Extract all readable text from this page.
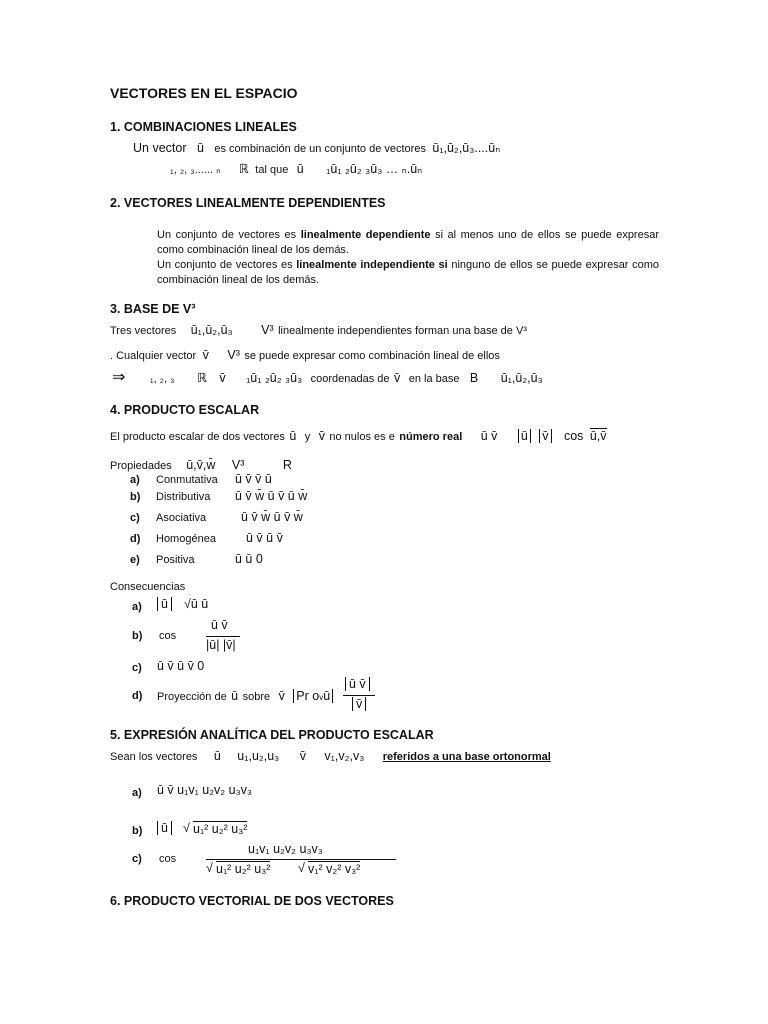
VECTORES EN EL ESPACIO
1. COMBINACIONES LINEALES
Un vector ū es combinación de un conjunto de vectores ū₁,ū₂,ū₃....ūₙ
₁, ₂, ₃...... ₙ ℝ tal que ū ₁ū₁ ₂ū₂ ₃ū₃ … ₙ.ūₙ
2. VECTORES LINEALMENTE DEPENDIENTES
Un conjunto de vectores es linealmente dependiente si al menos uno de ellos se puede expresar como combinación lineal de los demás.
Un conjunto de vectores es linealmente independiente si ninguno de ellos se puede expresar como combinación lineal de los demás.
3. BASE DE V³
Tres vectores ū₁,ū₂,ū₃ V³ linealmente independientes forman una base de V³
. Cualquier vector v̄ V³ se puede expresar como combinación lineal de ellos
⇒ ₁, ₂, ₃ ℝ v̄ ₁ū₁ ₂ū₂ ₃ū₃ coordenadas de v̄ en la base B ū₁,ū₂,ū₃
4. PRODUCTO ESCALAR
El producto escalar de dos vectores ū y v̄ no nulos es e número real ū v̄ ū v̄ cos ū,v̄
Propiedades ū,v̄,w̄ V³	R
a) Conmutativa ū v̄ v̄ ū
b) Distributiva ū v̄ w̄ ū v̄ ū w̄
c) Asociativa	ū v̄ w̄ ū v̄ w̄
d) Homogénea ū v̄ ū v̄
e) Positiva	ū ū 0
Consecuencias
a)	ū	√ū ū
b) cos
ū v̄
|ū| |v̄|
c) ū v̄ ū v̄ 0
d) Proyección de ū sobre v̄ Pr ovū
ū v̄
v̄
5. EXPRESIÓN ANALÍTICA DEL PRODUCTO ESCALAR
Sean los vectores ū u₁,u₂,u₃ v̄ v₁,v₂,v₃ referidos a una base ortonormal
a) ū v̄ u₁v₁ u₂v₂ u₃v₃
b)	ū	√ u₁² u₂² u₃²
c) cos
u₁v₁ u₂v₂ u₃v₃
√ u₁² u₂² u₃² √ v₁² v₂² v₃²
6. PRODUCTO VECTORIAL DE DOS VECTORES
